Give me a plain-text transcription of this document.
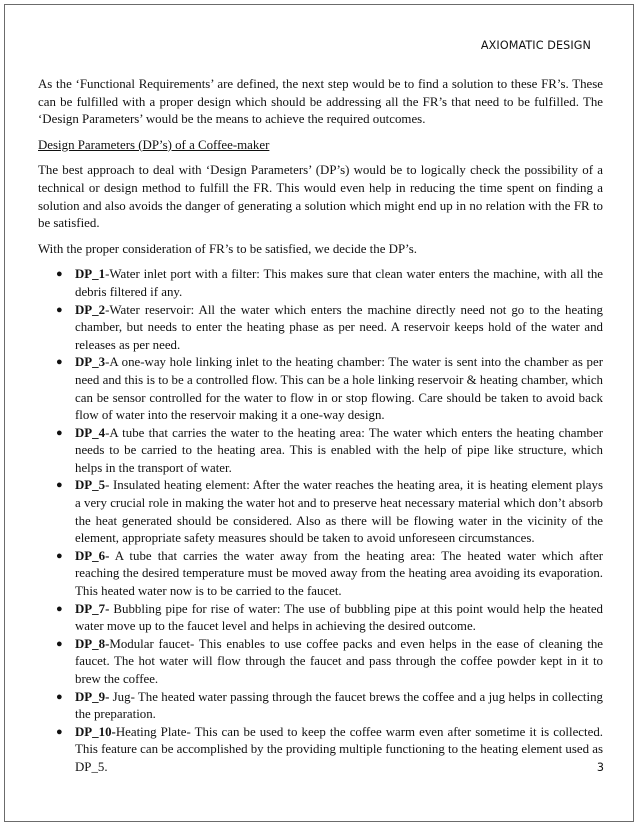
AXIOMATIC DESIGN

As the ‘Functional Requirements’ are defined, the next step would be to find a solution to these FR’s. These can be fulfilled with a proper design which should be addressing all the FR’s that need to be fulfilled. The ‘Design Parameters’ would be the means to achieve the required outcomes.

Design Parameters (DP’s) of a Coffee-maker

The best approach to deal with ‘Design Parameters’ (DP’s) would be to logically check the possibility of a technical or design method to fulfill the FR. This would even help in reducing the time spent on finding a solution and also avoids the danger of generating a solution which might end up in no relation with the FR to be satisfied.

With the proper consideration of FR’s to be satisfied, we decide the DP’s.

● DP_1-Water inlet port with a filter: This makes sure that clean water enters the machine, with all the debris filtered if any.
● DP_2-Water reservoir: All the water which enters the machine directly need not go to the heating chamber, but needs to enter the heating phase as per need. A reservoir keeps hold of the water and releases as per need.
● DP_3-A one-way hole linking inlet to the heating chamber: The water is sent into the chamber as per need and this is to be a controlled flow. This can be a hole linking reservoir & heating chamber, which can be sensor controlled for the water to flow in or stop flowing. Care should be taken to avoid back flow of water into the reservoir making it a one-way design.
● DP_4-A tube that carries the water to the heating area: The water which enters the heating chamber needs to be carried to the heating area. This is enabled with the help of pipe like structure, which helps in the transport of water.
● DP_5- Insulated heating element: After the water reaches the heating area, it is heating element plays a very crucial role in making the water hot and to preserve heat necessary material which don’t absorb the heat generated should be considered. Also as there will be flowing water in the vicinity of the element, appropriate safety measures should be taken to avoid unforeseen circumstances.
● DP_6- A tube that carries the water away from the heating area: The heated water which after reaching the desired temperature must be moved away from the heating area avoiding its evaporation. This heated water now is to be carried to the faucet.
● DP_7- Bubbling pipe for rise of water: The use of bubbling pipe at this point would help the heated water move up to the faucet level and helps in achieving the desired outcome.
● DP_8-Modular faucet- This enables to use coffee packs and even helps in the ease of cleaning the faucet. The hot water will flow through the faucet and pass through the coffee powder kept in it to brew the coffee.
● DP_9- Jug- The heated water passing through the faucet brews the coffee and a jug helps in collecting the preparation.
● DP_10-Heating Plate- This can be used to keep the coffee warm even after sometime it is collected. This feature can be accomplished by the providing multiple functioning to the heating element used as DP_5.	3
